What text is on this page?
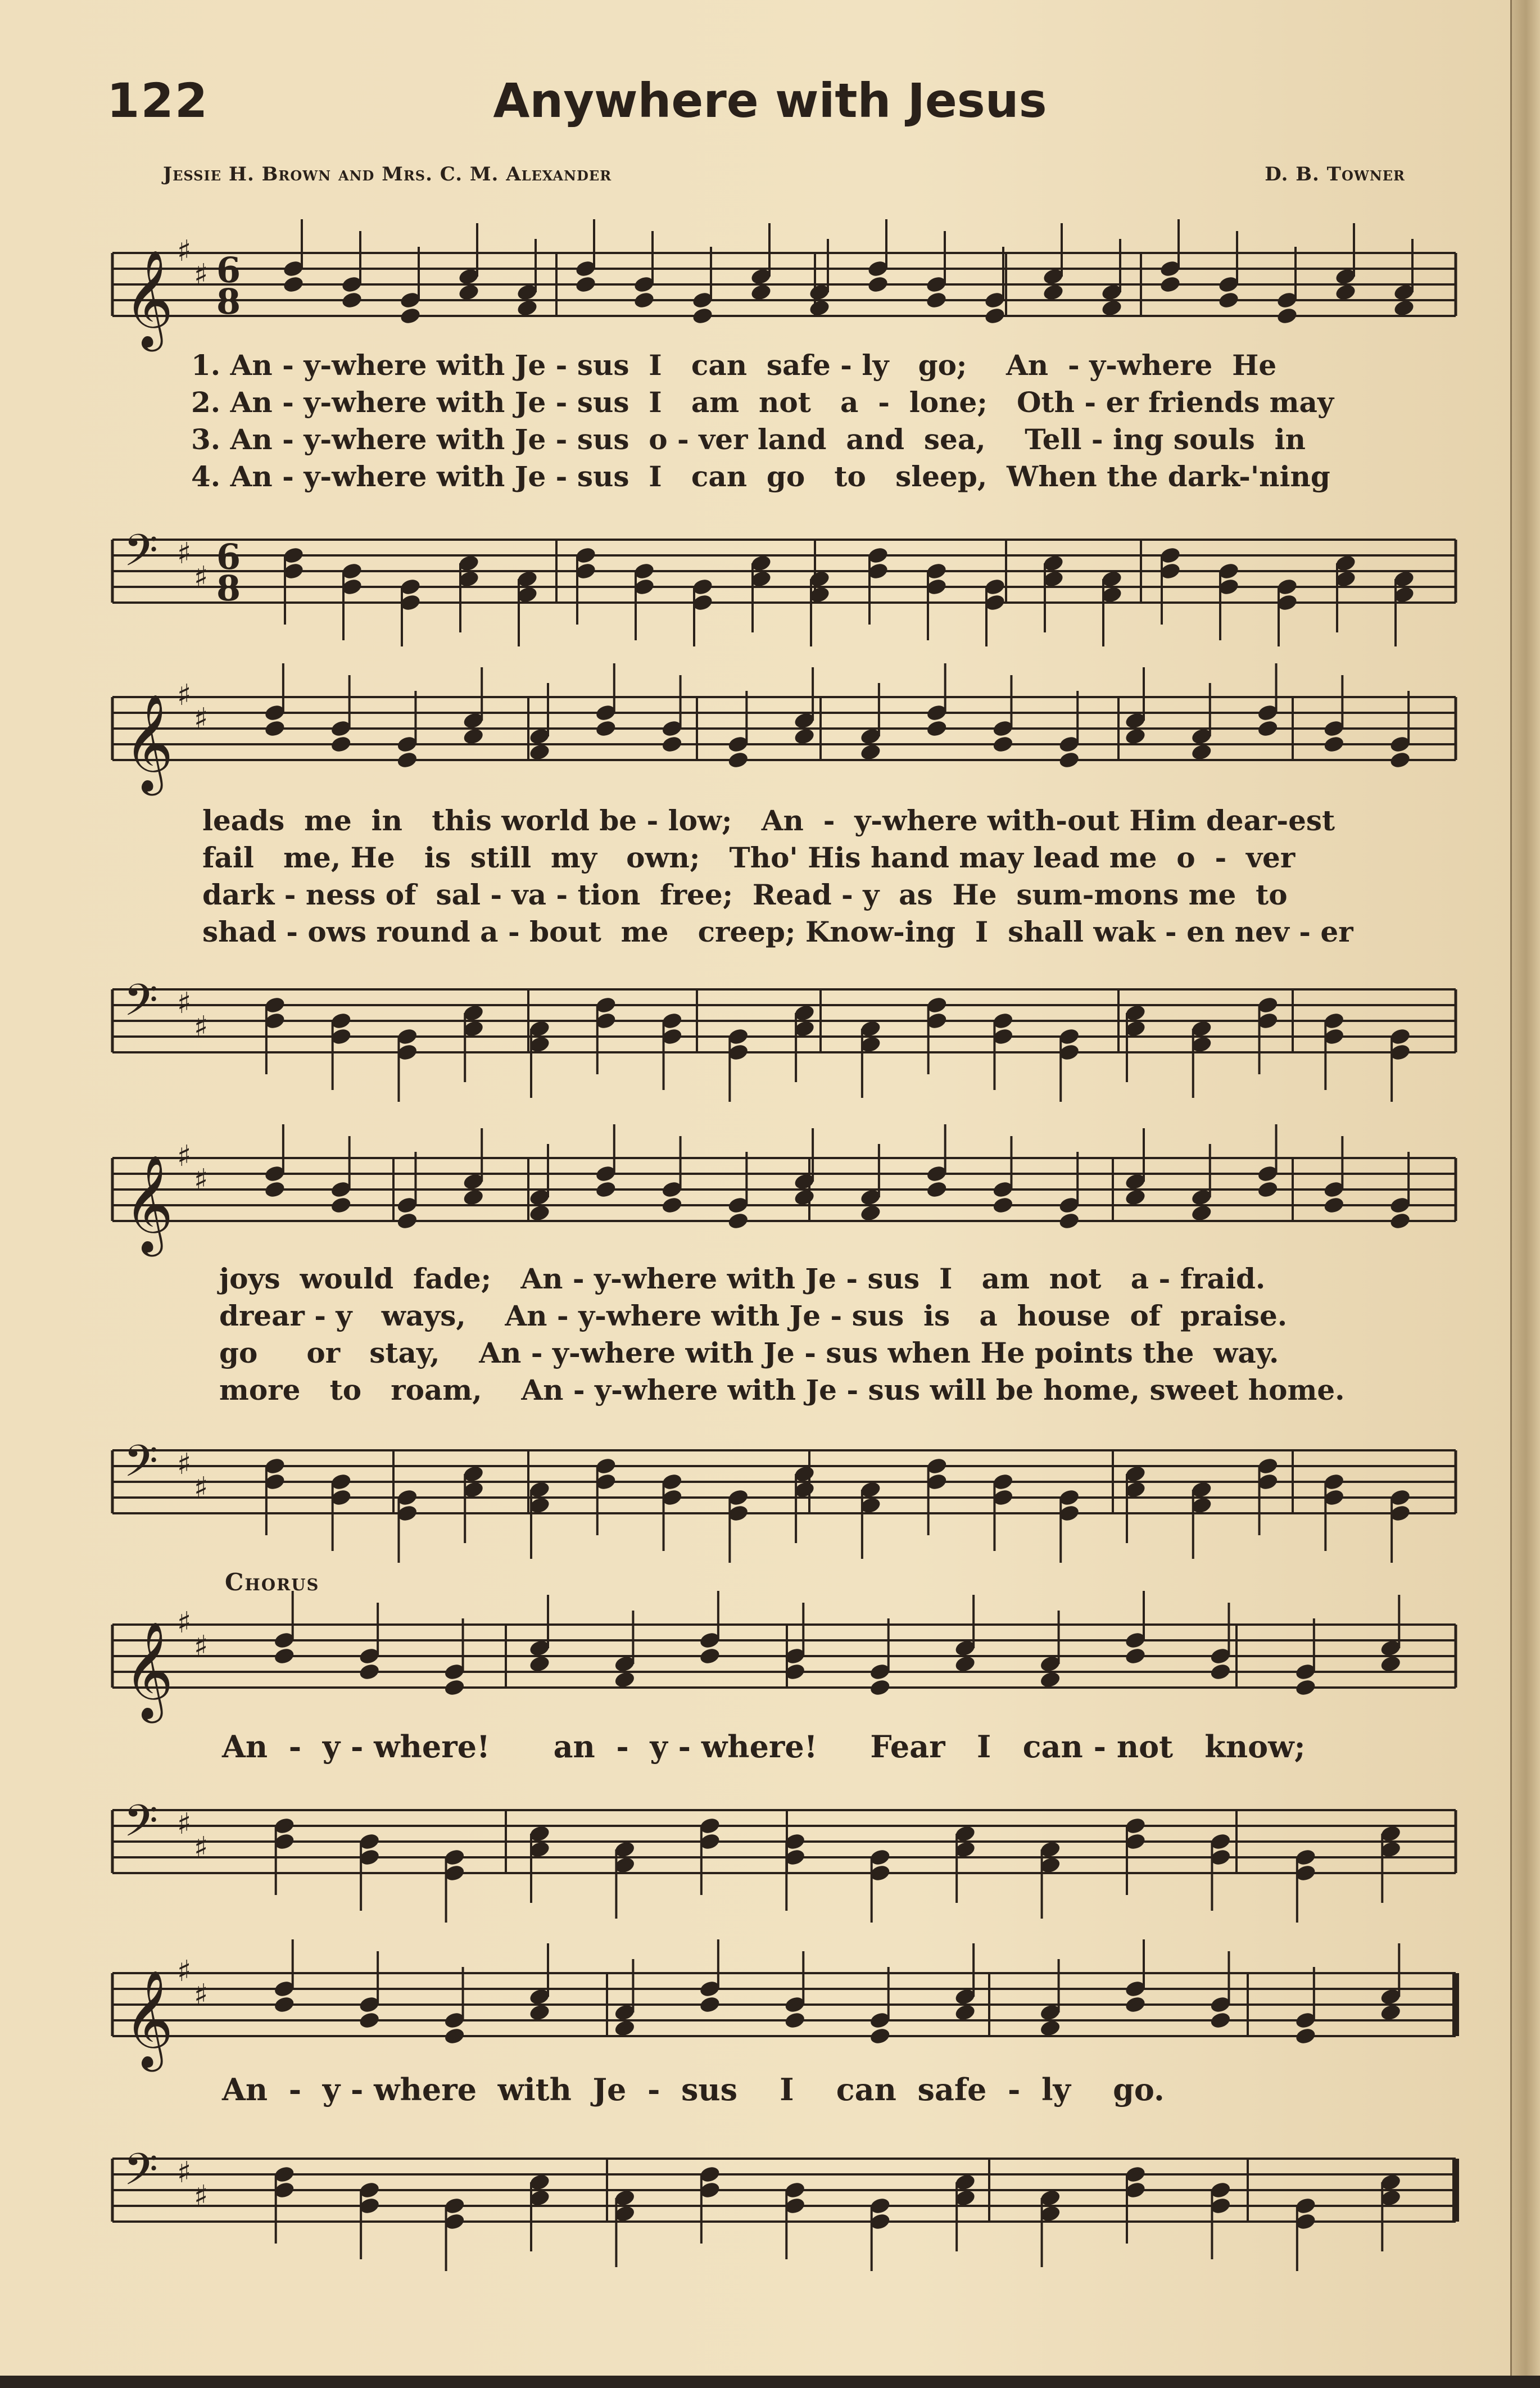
122	Anywhere with Jesus
Jessie H. Brown and Mrs. C. M. Alexander	D. B. Towner
𝄞 ♯
♯ 6
8
1. An - y-where with Je - sus  I   can  safe - ly   go;    An  - y-where  He
2. An - y-where with Je - sus  I   am  not   a  -  lone;   Oth - er friends may
3. An - y-where with Je - sus  o - ver land  and  sea,    Tell - ing souls  in
4. An - y-where with Je - sus  I   can  go   to   sleep,  When the dark-'ning
𝄢 ♯
♯ 6
8
𝄞 ♯
♯
leads  me  in   this world be - low;   An  -  y-where with-out Him dear-est
fail   me, He   is  still  my   own;   Tho' His hand may lead me  o  -  ver
dark - ness of  sal - va - tion  free;  Read - y  as  He  sum-mons me  to
shad - ows round a - bout  me   creep; Know-ing  I  shall wak - en nev - er
𝄢 ♯
♯
𝄞 ♯
♯
joys  would  fade;   An - y-where with Je - sus  I   am  not   a - fraid.
drear - y   ways,    An - y-where with Je - sus  is   a  house  of  praise.
go     or   stay,    An - y-where with Je - sus when He points the  way.
more   to   roam,    An - y-where with Je - sus will be home, sweet home.
𝄢 ♯
♯
Chorus
𝄞 ♯
♯
An  -  y - where!      an  -  y - where!     Fear   I   can - not   know;
𝄢 ♯
♯
𝄞 ♯
♯
An  -  y - where  with  Je  -  sus    I    can  safe  -  ly    go.
𝄢 ♯
♯
